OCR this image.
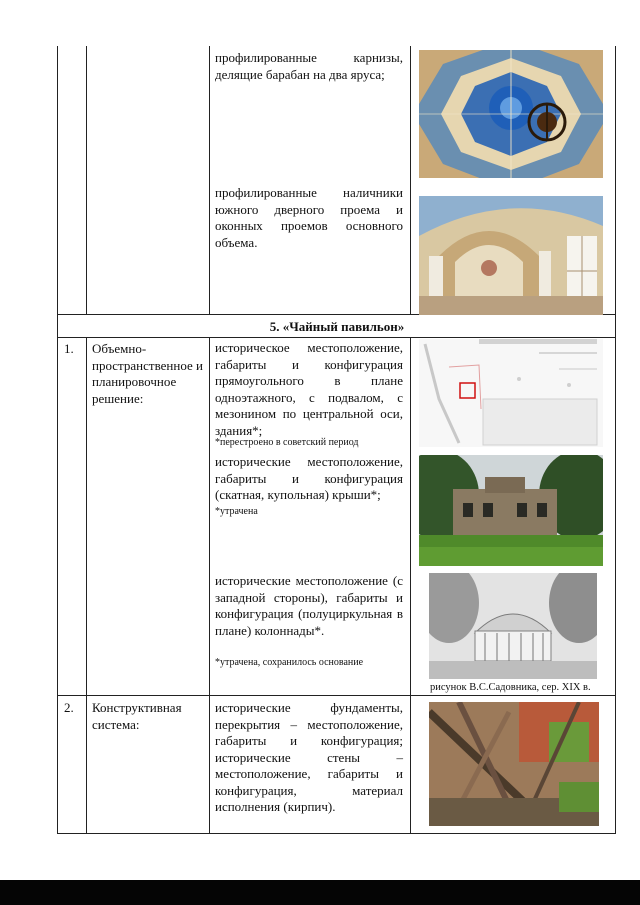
профилированные карнизы, делящие барабан на два яруса;
профилированные наличники южного дверного проема и оконных проемов основного объема.
5. «Чайный павильон»
1. Объемно-пространственное и планировочное решение:
историческое местоположение, габариты и конфигурация прямоугольного в плане одноэтажного, с подвалом, с мезонином по центральной оси, здания*;
*перестроено в советский период
исторические местоположение, габариты и конфигурация (скатная, купольная) крыши*;
*утрачена
исторические местоположение (с западной стороны), габариты и конфигурация (полуциркульная в плане) колоннады*.
*утрачена, сохранилось основание
рисунок В.С.Садовника, сер. XIX в.
2. Конструктивная система:
исторические фундаменты, перекрытия – местоположение, габариты и конфигурация; исторические стены – местоположение, габариты и конфигурация, материал исполнения (кирпич).
